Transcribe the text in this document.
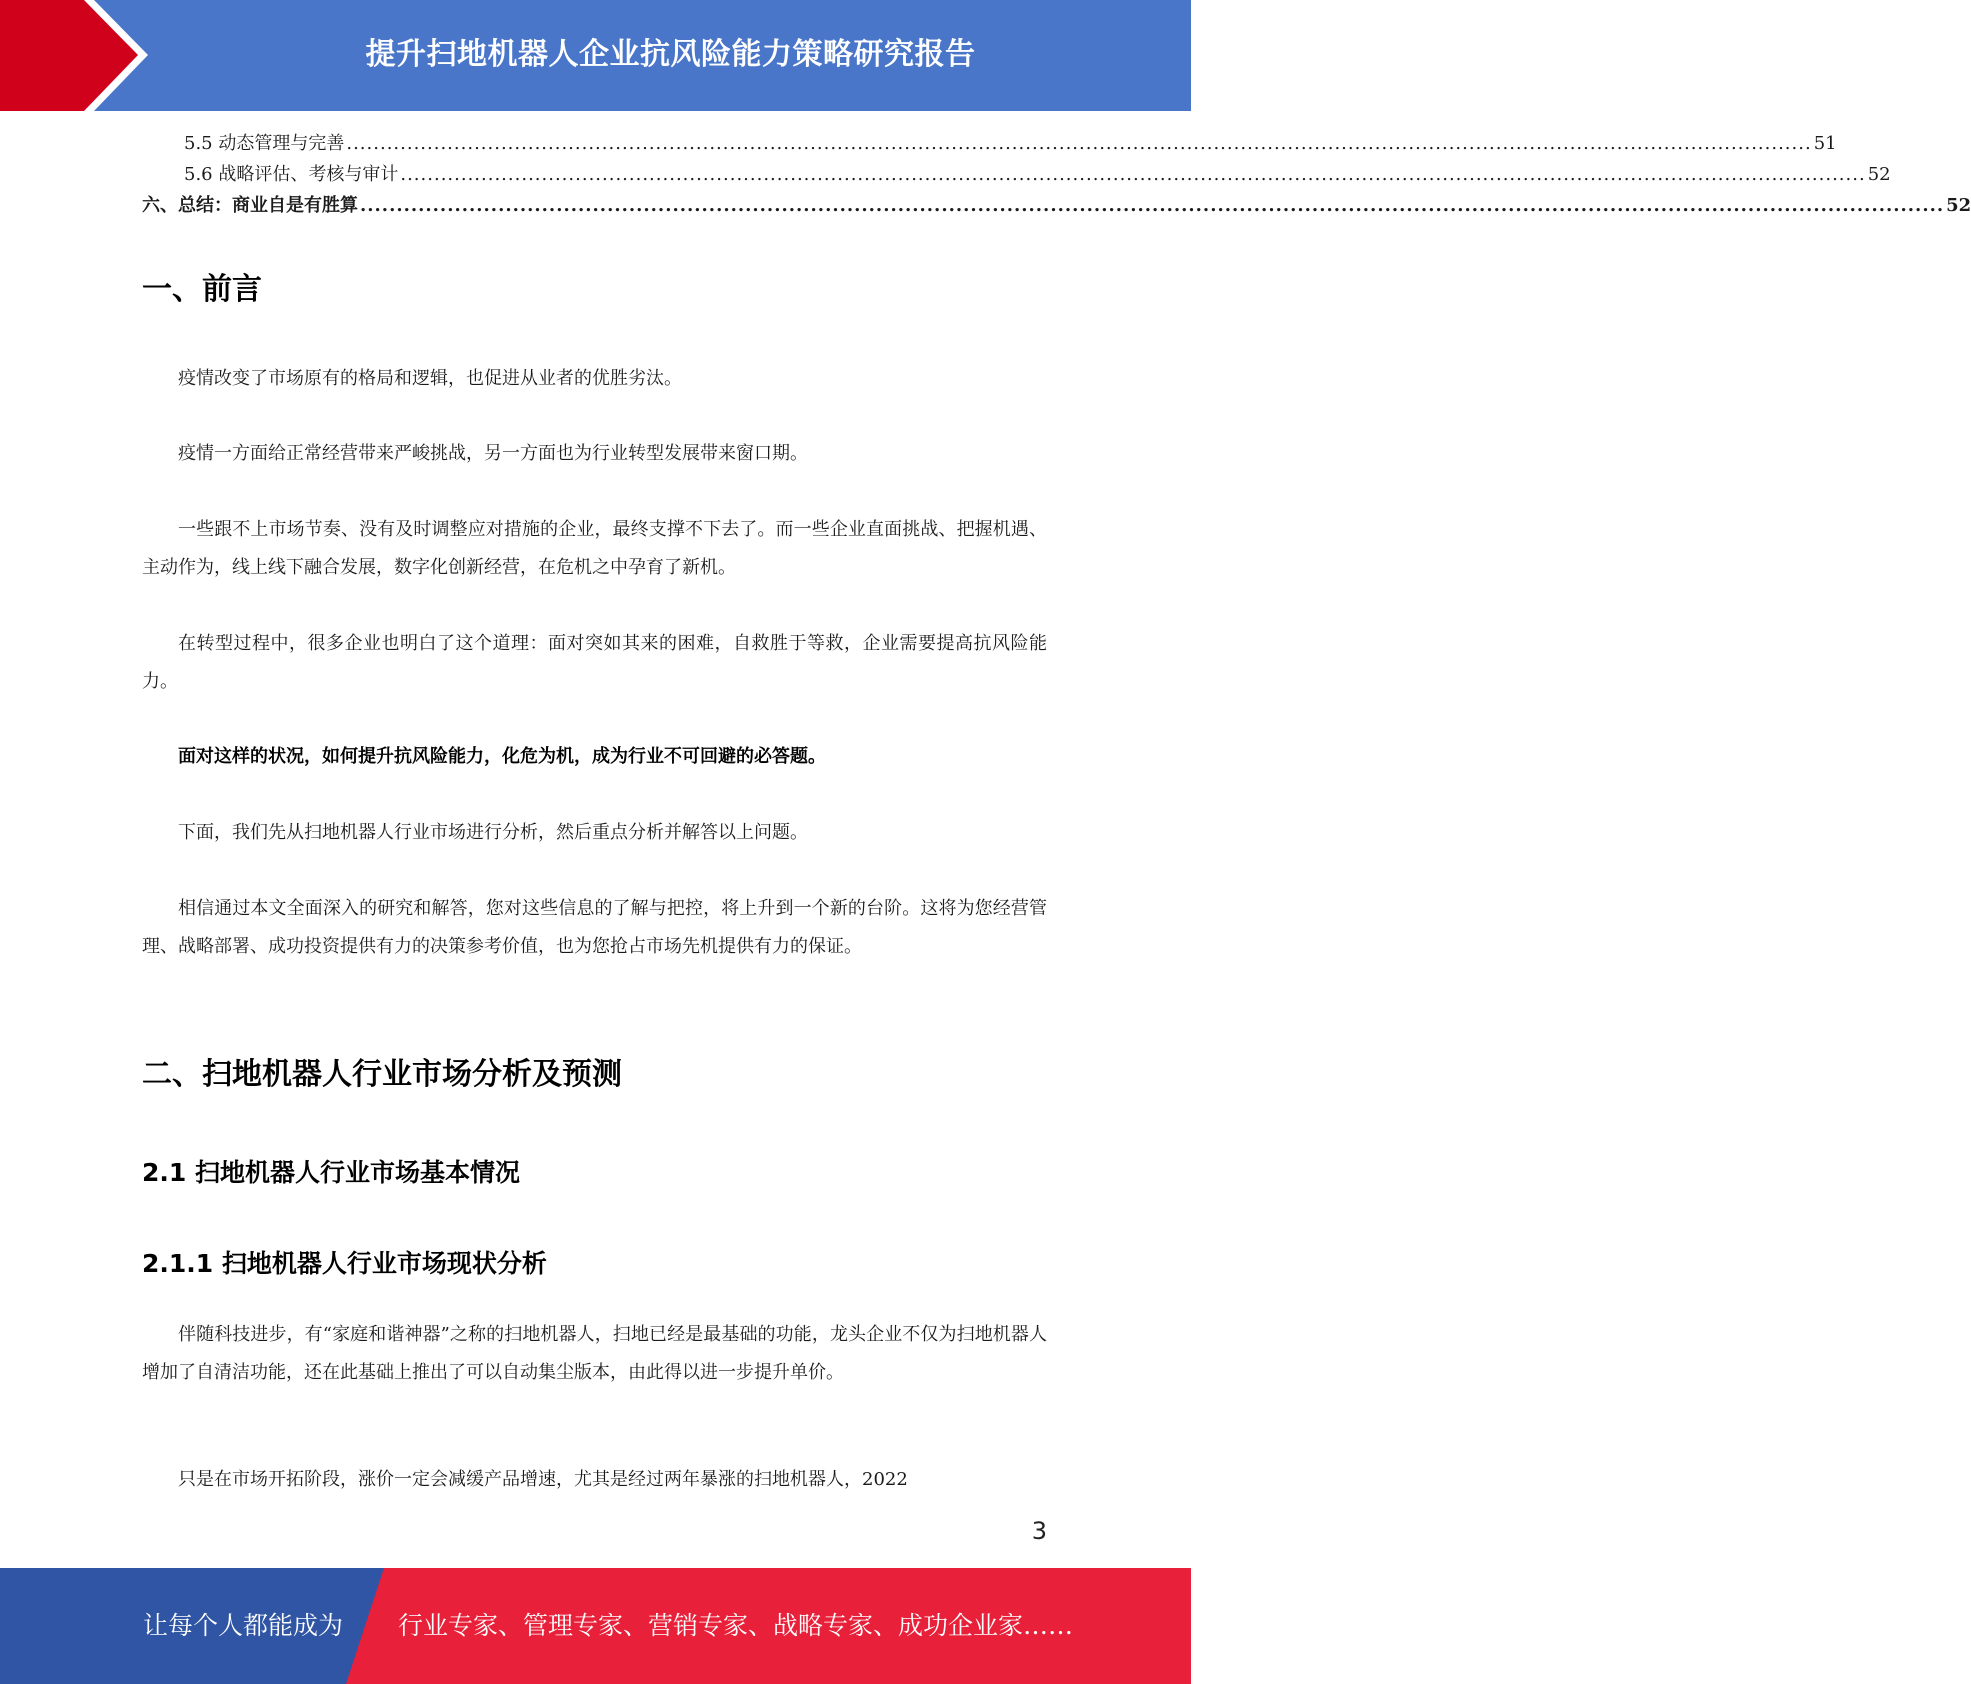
提升扫地机器人企业抗风险能力策略研究报告
5.5 动态管理与完善 .......................................................................................................................................................................................................................... 51
5.6 战略评估、考核与审计 .......................................................................................................................................................................................................................... 52
六、总结：商业自是有胜算 .......................................................................................................................................................................................................................... 52
一、前言
疫情改变了市场原有的格局和逻辑，也促进从业者的优胜劣汰。
疫情一方面给正常经营带来严峻挑战，另一方面也为行业转型发展带来窗口期。
一些跟不上市场节奏、没有及时调整应对措施的企业，最终支撑不下去了。而一些企业直面挑战、把握机遇、主动作为，线上线下融合发展，数字化创新经营，在危机之中孕育了新机。
在转型过程中，很多企业也明白了这个道理：面对突如其来的困难，自救胜于等救，企业需要提高抗风险能力。
面对这样的状况，如何提升抗风险能力，化危为机，成为行业不可回避的必答题。
下面，我们先从扫地机器人行业市场进行分析，然后重点分析并解答以上问题。
相信通过本文全面深入的研究和解答，您对这些信息的了解与把控，将上升到一个新的台阶。这将为您经营管理、战略部署、成功投资提供有力的决策参考价值，也为您抢占市场先机提供有力的保证。
二、扫地机器人行业市场分析及预测
2.1 扫地机器人行业市场基本情况
2.1.1 扫地机器人行业市场现状分析
伴随科技进步，有“家庭和谐神器”之称的扫地机器人，扫地已经是最基础的功能，龙头企业不仅为扫地机器人增加了自清洁功能，还在此基础上推出了可以自动集尘版本，由此得以进一步提升单价。
只是在市场开拓阶段，涨价一定会减缓产品增速，尤其是经过两年暴涨的扫地机器人，2022
3
让每个人都能成为 行业专家、管理专家、营销专家、战略专家、成功企业家……
